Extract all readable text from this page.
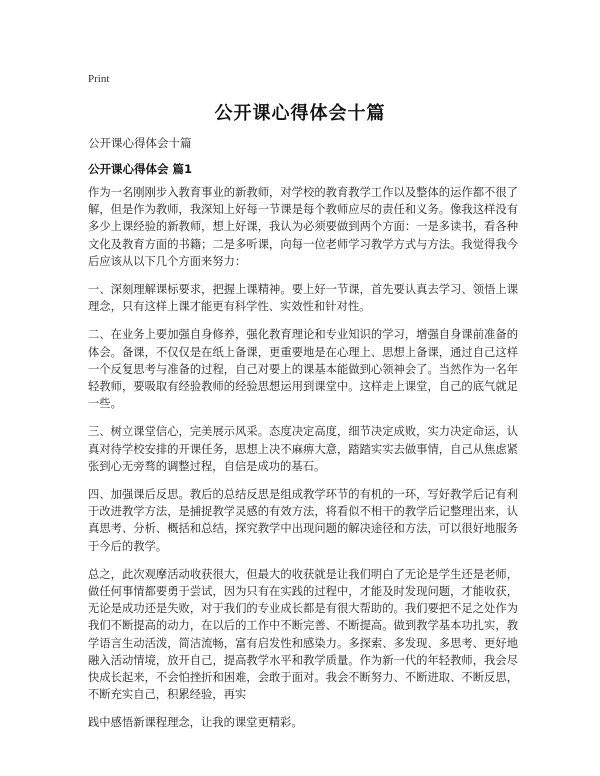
Print
公开课心得体会十篇
公开课心得体会十篇
公开课心得体会 篇1

作为一名刚刚步入教育事业的新教师，对学校的教育教学工作以及整体的运作都不很了解，但是作为教师，我深知上好每一节课是每个教师应尽的责任和义务。像我这样没有多少上课经验的新教师，想上好课，我认为必须要做到两个方面：一是多读书，看各种文化及教育方面的书籍；二是多听课，向每一位老师学习教学方式与方法。我觉得我今后应该从以下几个方面来努力：

一、深刻理解课标要求，把握上课精神。要上好一节课，首先要认真去学习、领悟上课理念，只有这样上课才能更有科学性、实效性和针对性。

二、在业务上要加强自身修养，强化教育理论和专业知识的学习，增强自身课前准备的体会。备课，不仅仅是在纸上备课，更重要地是在心理上、思想上备课，通过自己这样一个反复思考与准备的过程，自己对要上的课基本能做到心领神会了。当然作为一名年轻教师，要吸取有经验教师的经验思想运用到课堂中。这样走上课堂，自己的底气就足一些。

三、树立课堂信心，完美展示风采。态度决定高度，细节决定成败，实力决定命运，认真对待学校安排的开课任务，思想上决不麻痹大意，踏踏实实去做事情，自己从焦虑紧张到心无旁骛的调整过程，自信是成功的基石。

四、加强课后反思。教后的总结反思是组成教学环节的有机的一环，写好教学后记有利于改进教学方法，是捕捉教学灵感的有效方法，将看似不相干的教学后记整理出来，认真思考、分析、概括和总结，探究教学中出现问题的解决途径和方法，可以很好地服务于今后的教学。

总之，此次观摩活动收获很大，但最大的收获就是让我们明白了无论是学生还是老师，做任何事情都要勇于尝试，因为只有在实践的过程中，才能及时发现问题，才能收获，无论是成功还是失败，对于我们的专业成长都是有很大帮助的。我们要把不足之处作为我们不断提高的动力，在以后的工作中不断完善、不断提高。做到教学基本功扎实，教学语言生动活泼，简洁流畅，富有启发性和感染力。多探索、多发现、多思考、更好地融入活动情境，放开自己，提高教学水平和教学质量。作为新一代的年轻教师，我会尽快成长起来，不会怕挫折和困难，会敢于面对。我会不断努力、不断进取、不断反思，不断充实自己，积累经验，再实

践中感悟新课程理念，让我的课堂更精彩。
